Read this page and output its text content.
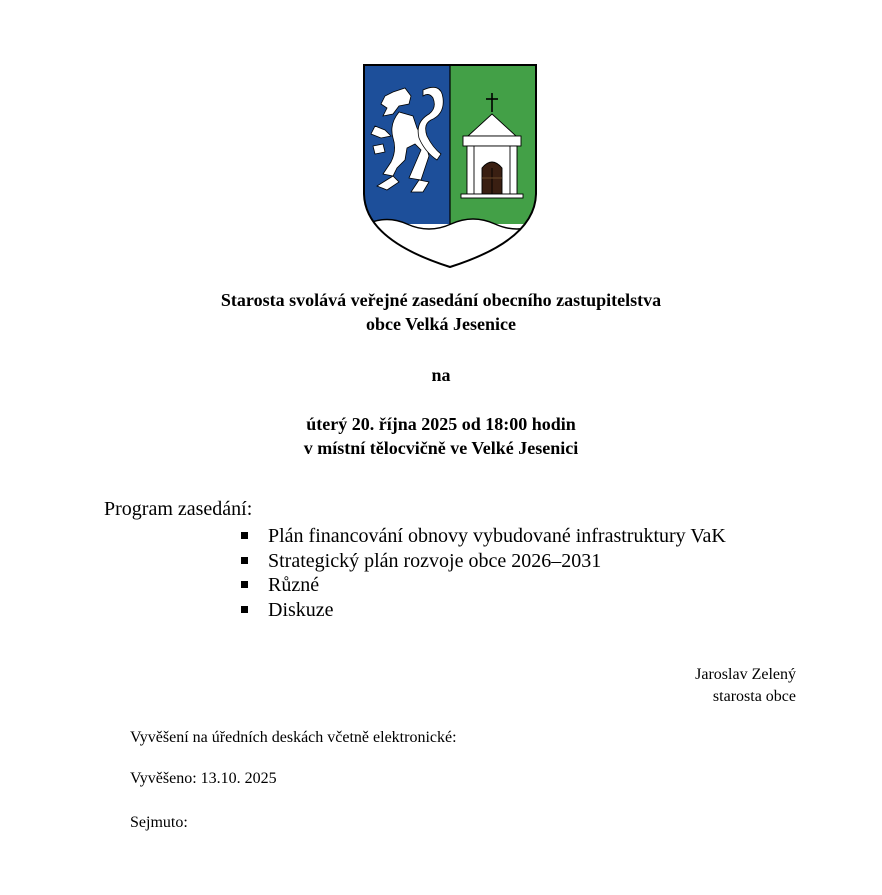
Starosta svolává veřejné zasedání obecního zastupitelstva
obce Velká Jesenice
na
úterý 20. října 2025 od 18:00 hodin
v místní tělocvičně ve Velké Jesenici
Program zasedání:
Plán financování obnovy vybudované infrastruktury VaK
Strategický plán rozvoje obce 2026–2031
Různé
Diskuze
Jaroslav Zelený
starosta obce
Vyvěšení na úředních deskách včetně elektronické:
Vyvěšeno: 13.10. 2025
Sejmuto:
